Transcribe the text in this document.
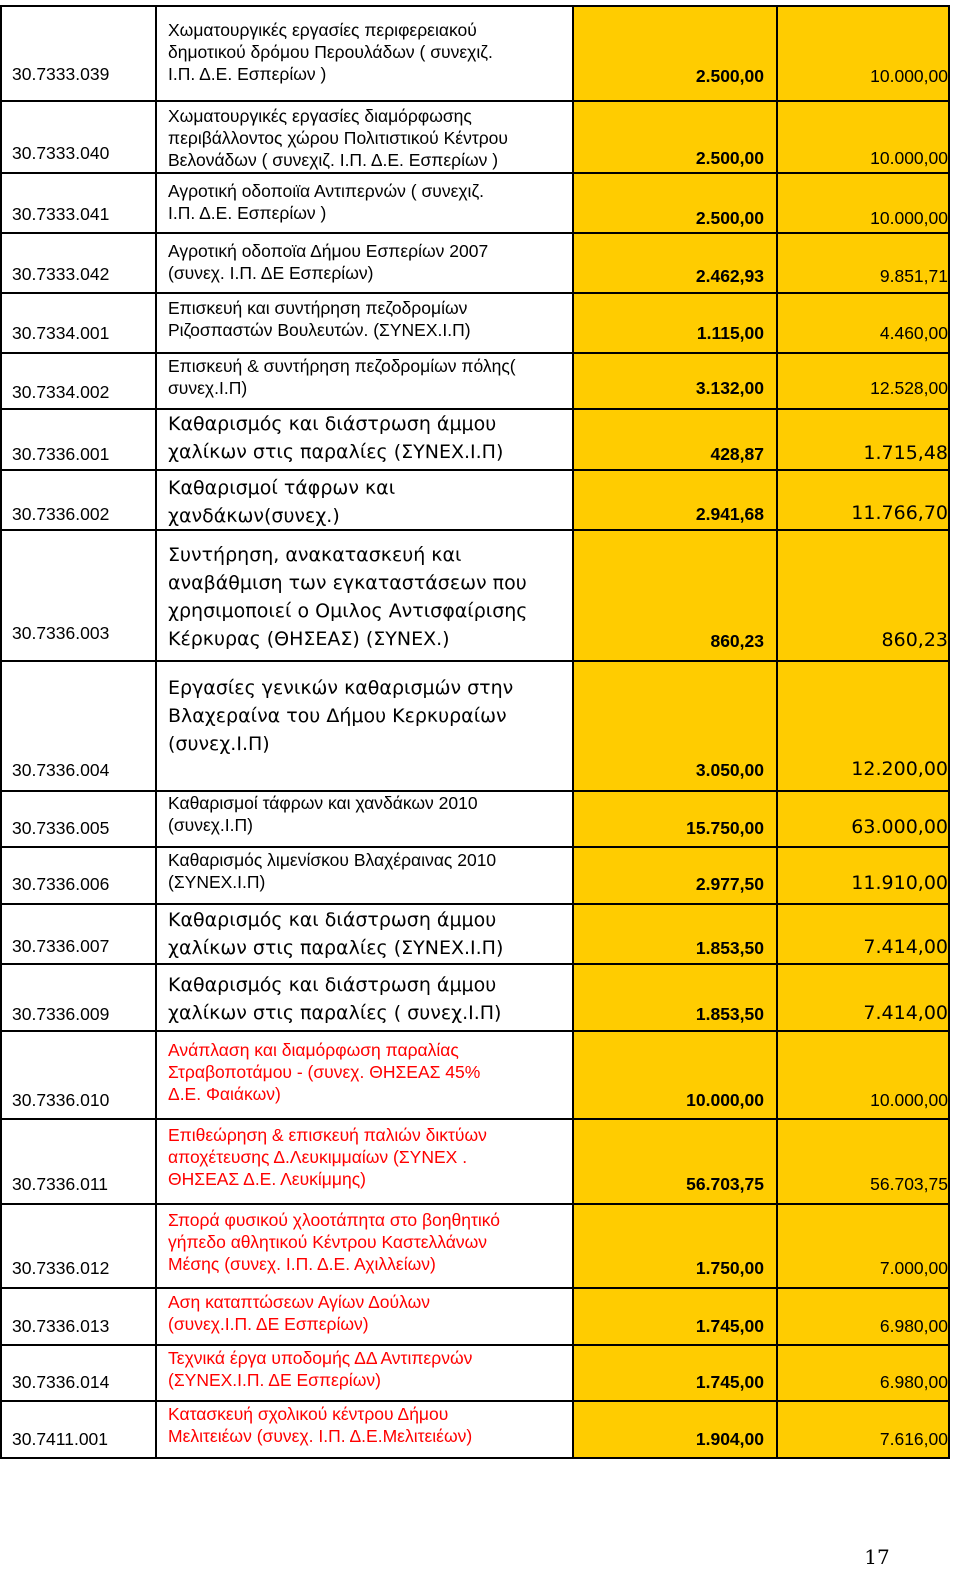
30.7333.039
Χωματουργικές εργασίες περιφερειακού
δημοτικού δρόμου Περουλάδων ( συνεχιζ.
Ι.Π. Δ.Ε. Εσπερίων )	2.500,00	10.000,00
30.7333.040
Χωματουργικές εργασίες διαμόρφωσης
περιβάλλοντος χώρου Πολιτιστικού Κέντρου
Βελονάδων ( συνεχιζ. Ι.Π. Δ.Ε. Εσπερίων )	2.500,00	10.000,00
30.7333.041
Αγροτική οδοποιϊα Αντιπερνών ( συνεχιζ.
Ι.Π. Δ.Ε. Εσπερίων )	2.500,00	10.000,00
30.7333.042
Αγροτική οδοποϊα Δήμου Εσπερίων 2007
(συνεχ. Ι.Π. ΔΕ Εσπερίων)	2.462,93	9.851,71
30.7334.001
Επισκευή και συντήρηση πεζοδρομίων
Ριζοσπαστών Βουλευτών. (ΣΥΝΕΧ.Ι.Π)	1.115,00	4.460,00
30.7334.002
Επισκευή & συντήρηση πεζοδρομίων πόλης(
συνεχ.Ι.Π)	3.132,00	12.528,00
30.7336.001
Καθαρισμός και διάστρωση άμμου
χαλίκων στις παραλίες (ΣΥΝΕΧ.Ι.Π)	428,87	1.715,48
30.7336.002
Καθαρισμοί τάφρων και
χανδάκων(συνεχ.)	2.941,68	11.766,70
30.7336.003
Συντήρηση, ανακατασκευή και
αναβάθμιση των εγκαταστάσεων που
χρησιμοποιεί ο Ομιλος Αντισφαίρισης
Κέρκυρας (ΘΗΣΕΑΣ) (ΣΥΝΕΧ.)	860,23	860,23
30.7336.004
Εργασίες γενικών καθαρισμών στην
Βλαχεραίνα του Δήμου Κερκυραίων
(συνεχ.Ι.Π)
3.050,00	12.200,00
30.7336.005
Καθαρισμοί τάφρων και χανδάκων 2010
(συνεχ.Ι.Π)	15.750,00	63.000,00
30.7336.006
Καθαρισμός λιμενίσκου Βλαχέραινας 2010
(ΣΥΝΕΧ.Ι.Π)	2.977,50	11.910,00
30.7336.007
Καθαρισμός και διάστρωση άμμου
χαλίκων στις παραλίες (ΣΥΝΕΧ.Ι.Π)	1.853,50	7.414,00
30.7336.009
Καθαρισμός και διάστρωση άμμου
χαλίκων στις παραλίες ( συνεχ.Ι.Π)	1.853,50	7.414,00
30.7336.010
Ανάπλαση και διαμόρφωση παραλίας
Στραβοποτάμου - (συνεχ. ΘΗΣΕΑΣ 45%
Δ.Ε. Φαιάκων)	10.000,00	10.000,00
30.7336.011
Επιθεώρηση & επισκευή παλιών δικτύων
αποχέτευσης Δ.Λευκιμμαίων (ΣΥΝΕΧ .
ΘΗΣΕΑΣ Δ.Ε. Λευκίμμης)	56.703,75	56.703,75
30.7336.012
Σπορά φυσικού χλοοτάπητα στο βοηθητικό
γήπεδο αθλητικού Κέντρου Καστελλάνων
Μέσης (συνεχ. Ι.Π. Δ.Ε. Αχιλλείων)	1.750,00	7.000,00
30.7336.013
Αση καταπτώσεων Αγίων Δούλων
(συνεχ.Ι.Π. ΔΕ Εσπερίων)	1.745,00	6.980,00
30.7336.014
Τεχνικά έργα υποδομής ΔΔ Αντιπερνών
(ΣΥΝΕΧ.Ι.Π. ΔΕ Εσπερίων)	1.745,00	6.980,00
30.7411.001
Κατασκευή σχολικού κέντρου Δήμου
Μελιτειέων (συνεχ. Ι.Π. Δ.Ε.Μελιτειέων)	1.904,00	7.616,00
17
